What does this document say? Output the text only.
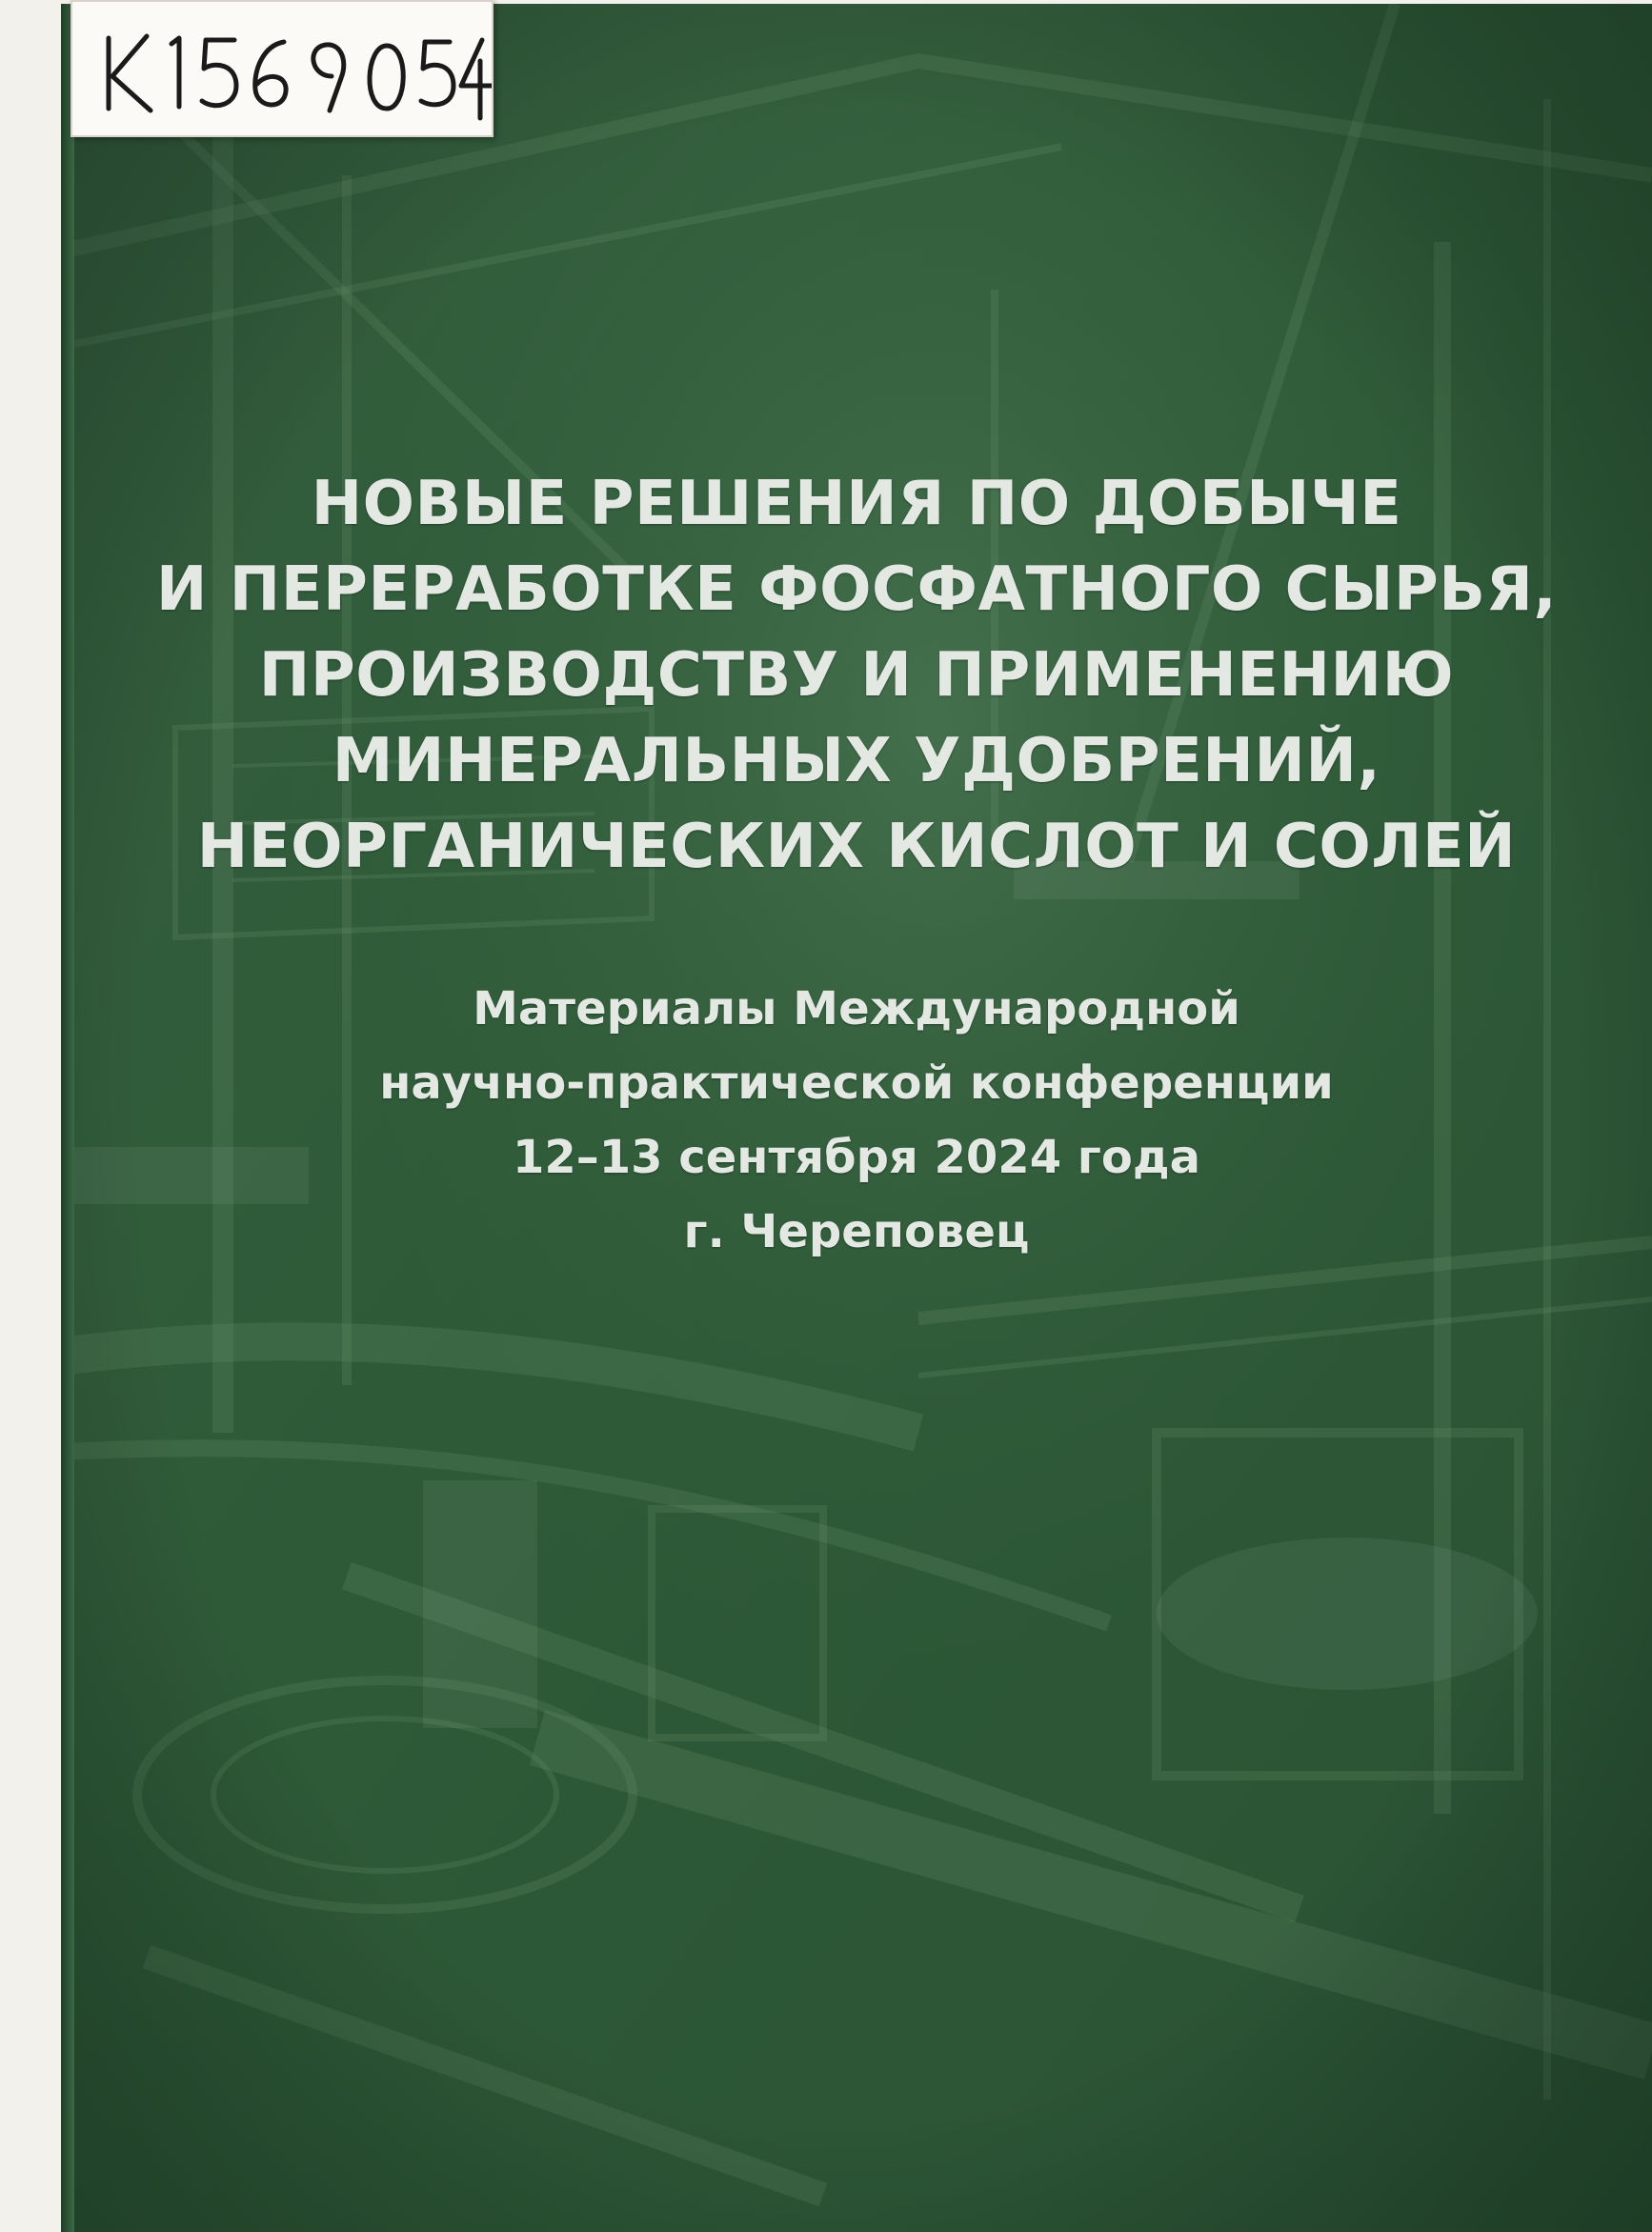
НОВЫЕ РЕШЕНИЯ ПО ДОБЫЧЕ
И ПЕРЕРАБОТКЕ ФОСФАТНОГО СЫРЬЯ,
ПРОИЗВОДСТВУ И ПРИМЕНЕНИЮ
МИНЕРАЛЬНЫХ УДОБРЕНИЙ,
НЕОРГАНИЧЕСКИХ КИСЛОТ И СОЛЕЙ
Материалы Международной
научно-практической конференции
12–13 сентября 2024 года
г. Череповец
